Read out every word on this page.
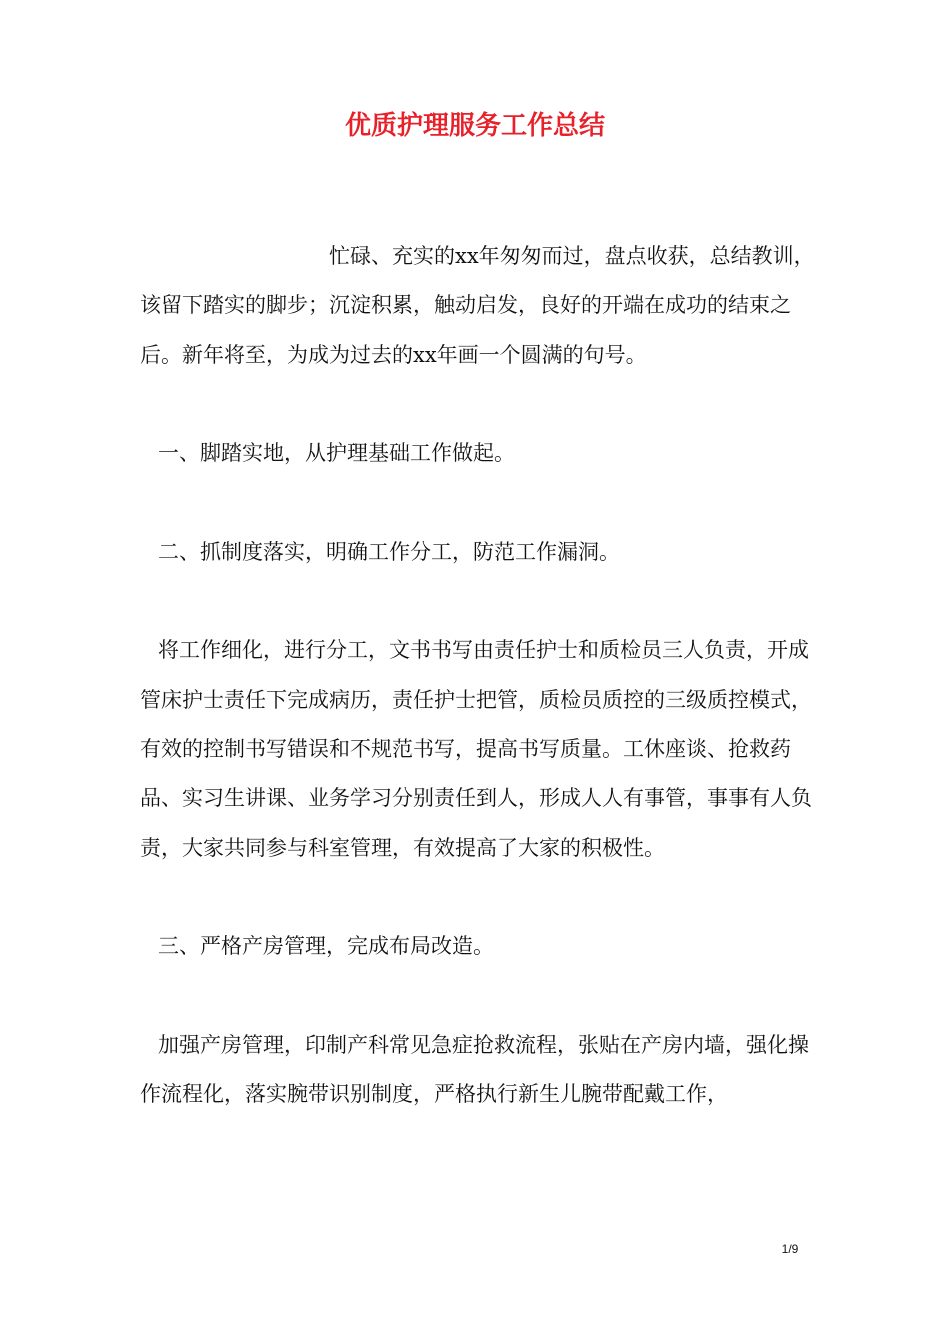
优质护理服务工作总结

忙碌、充实的xx年匆匆而过，盘点收获，总结教训，该留下踏实的脚步；沉淀积累，触动启发，良好的开端在成功的结束之后。新年将至，为成为过去的xx年画一个圆满的句号。

一、脚踏实地，从护理基础工作做起。

二、抓制度落实，明确工作分工，防范工作漏洞。

将工作细化，进行分工，文书书写由责任护士和质检员三人负责，开成管床护士责任下完成病历，责任护士把管，质检员质控的三级质控模式，有效的控制书写错误和不规范书写，提高书写质量。工休座谈、抢救药品、实习生讲课、业务学习分别责任到人，形成人人有事管，事事有人负责，大家共同参与科室管理，有效提高了大家的积极性。

三、严格产房管理，完成布局改造。

加强产房管理，印制产科常见急症抢救流程，张贴在产房内墙，强化操作流程化，落实腕带识别制度，严格执行新生儿腕带配戴工作，

1/9
